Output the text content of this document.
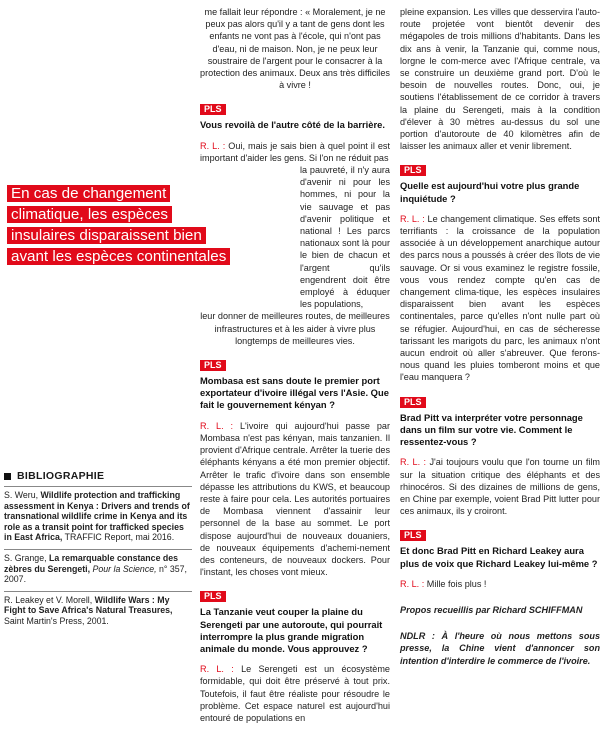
En cas de changement
climatique, les espèces
insulaires disparaissent bien
avant les espèces continentales
BIBLIOGRAPHIE
S. Weru, Wildlife protection and trafficking assessment in Kenya : Drivers and trends of transnational wildlife crime in Kenya and its role as a transit point for trafficked species in East Africa, TRAFFIC Report, mai 2016.
S. Grange, La remarquable constance des zèbres du Serengeti, Pour la Science, n° 357, 2007.
R. Leakey et V. Morell, Wildlife Wars : My Fight to Save Africa's Natural Treasures, Saint Martin's Press, 2001.

me fallait leur répondre : « Moralement, je ne peux pas alors qu'il y a tant de gens dont les enfants ne vont pas à l'école, qui n'ont pas d'eau, ni de maison. Non, je ne peux leur soustraire de l'argent pour le consacrer à la protection des animaux. Deux ans très difficiles à vivre !

PLS

Vous revoilà de l'autre côté de la barrière.

R. L. : Oui, mais je sais bien à quel point il est important d'aider les gens. Si l'on ne réduit pas

la pauvreté, il n'y aura d'avenir ni pour les hommes, ni pour la vie sauvage et pas d'avenir politique et national ! Les parcs nationaux sont là pour le bien de chacun et l'argent qu'ils engendrent doit être employé à éduquer les populations,

leur donner de meilleures routes, de meilleures infrastructures et à les aider à vivre plus longtemps de meilleures vies.

PLS

Mombasa est sans doute le premier port exportateur d'ivoire illégal vers l'Asie. Que fait le gouvernement kényan ?

R. L. : L'ivoire qui aujourd'hui passe par Mombasa n'est pas kényan, mais tanzanien. Il provient d'Afrique centrale. Arrêter la tuerie des éléphants kényans a été mon premier objectif. Arrêter le trafic d'ivoire dans son ensemble dépasse les attributions du KWS, et beaucoup reste à faire pour cela. Les autorités portuaires de Mombasa viennent d'assainir leur personnel de la base au sommet. Le port dispose aujourd'hui de nouveaux douaniers, de nouveaux équipements d'achemi-nement des conteneurs, de nouveaux dockers. Pour l'instant, les choses vont mieux.

PLS

La Tanzanie veut couper la plaine du Serengeti par une autoroute, qui pourrait interrompre la plus grande migration animale du monde. Vous approuvez ?

R. L. : Le Serengeti est un écosystème formidable, qui doit être préservé à tout prix. Toutefois, il faut être réaliste pour résoudre le problème. Cet espace naturel est aujourd'hui entouré de populations en

pleine expansion. Les villes que desservira l'auto-route projetée vont bientôt devenir des mégapoles de trois millions d'habitants. Dans les dix ans à venir, la Tanzanie qui, comme nous, lorgne le com-merce avec l'Afrique centrale, va se construire un deuxième grand port. D'où le besoin de nouvelles routes. Donc, oui, je soutiens l'établissement de ce corridor à travers la plaine du Serengeti, mais à la condition d'élever à 30 mètres au-dessus du sol une portion d'autoroute de 40 kilomètres afin de laisser les animaux aller et venir librement.

PLS

Quelle est aujourd'hui votre plus grande inquiétude ?

R. L. : Le changement climatique. Ses effets sont terrifiants : la croissance de la population associée à un développement anarchique autour des parcs nous a poussés à créer des îlots de vie sauvage. Or si vous examinez le registre fossile, vous vous rendez compte qu'en cas de changement clima-tique, les espèces insulaires disparaissent bien avant les espèces continentales, parce qu'elles n'ont nulle part où se réfugier. Aujourd'hui, en cas de sécheresse tarissant les marigots du parc, les animaux n'ont aucun endroit où aller s'abreuver. Que ferons-nous quand les pluies tomberont moins et que l'eau manquera ?

PLS

Brad Pitt va interpréter votre personnage dans un film sur votre vie. Comment le ressentez-vous ?

R. L. : J'ai toujours voulu que l'on tourne un film sur la situation critique des éléphants et des rhinocéros. Si des dizaines de millions de gens, en Chine par exemple, voient Brad Pitt lutter pour ces animaux, ils y croiront.

PLS

Et donc Brad Pitt en Richard Leakey aura plus de voix que Richard Leakey lui-même ?

R. L. : Mille fois plus !

Propos recueillis par Richard SCHIFFMAN

NDLR : À l'heure où nous mettons sous presse, la Chine vient d'annoncer son intention d'interdire le commerce de l'ivoire.
